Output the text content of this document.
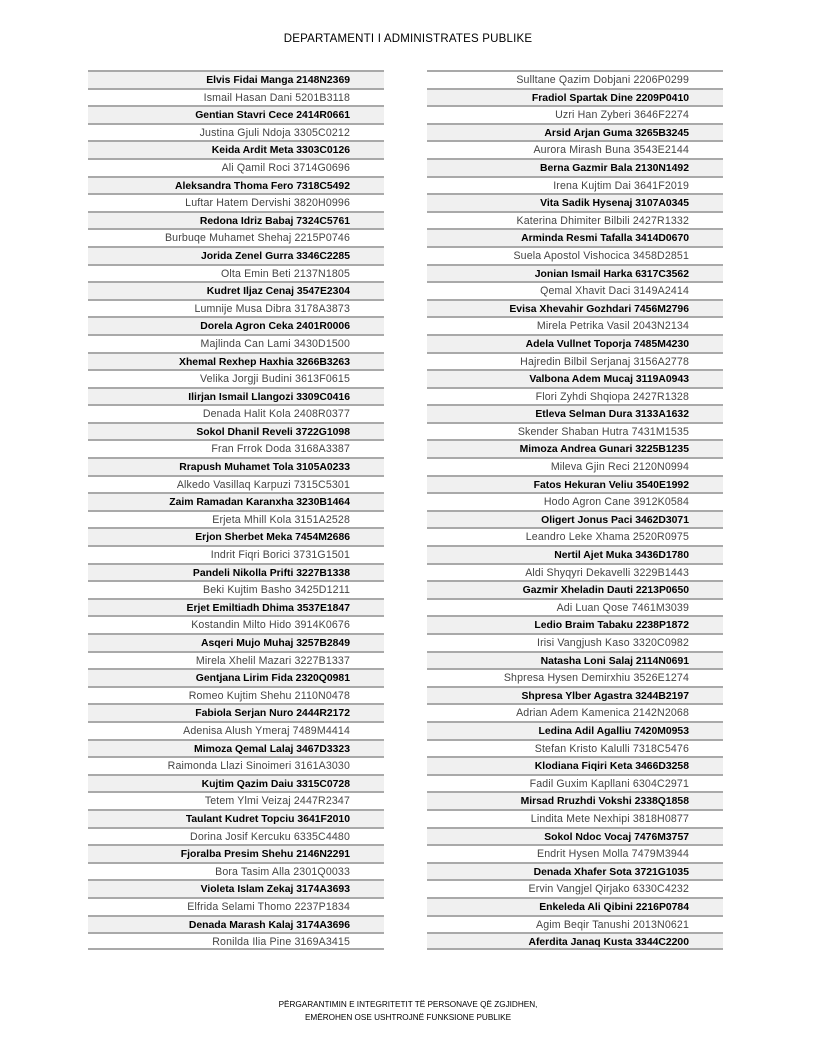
DEPARTAMENTI I ADMINISTRATES PUBLIKE
Elvis Fidai Manga 2148N2369
Ismail Hasan Dani 5201B3118
Gentian Stavri Cece 2414R0661
Justina Gjuli Ndoja 3305C0212
Keida Ardit Meta 3303C0126
Ali Qamil Roci 3714G0696
Aleksandra Thoma Fero 7318C5492
Luftar Hatem Dervishi 3820H0996
Redona Idriz Babaj 7324C5761
Burbuqe Muhamet Shehaj 2215P0746
Jorida Zenel Gurra 3346C2285
Olta Emin Beti 2137N1805
Kudret Iljaz Cenaj 3547E2304
Lumnije Musa Dibra 3178A3873
Dorela Agron Ceka 2401R0006
Majlinda Can Lami 3430D1500
Xhemal Rexhep Haxhia 3266B3263
Velika Jorgji Budini 3613F0615
Ilirjan Ismail Llangozi 3309C0416
Denada Halit Kola 2408R0377
Sokol Dhanil Reveli 3722G1098
Fran Frrok Doda 3168A3387
Rrapush Muhamet Tola 3105A0233
Alkedo Vasillaq Karpuzi 7315C5301
Zaim Ramadan Karanxha 3230B1464
Erjeta Mhill Kola 3151A2528
Erjon Sherbet Meka 7454M2686
Indrit Fiqri Borici 3731G1501
Pandeli Nikolla Prifti 3227B1338
Beki Kujtim Basho 3425D1211
Erjet Emiltiadh Dhima 3537E1847
Kostandin Milto Hido 3914K0676
Asqeri Mujo Muhaj 3257B2849
Mirela Xhelil Mazari 3227B1337
Gentjana Lirim Fida 2320Q0981
Romeo Kujtim Shehu 2110N0478
Fabiola Serjan Nuro 2444R2172
Adenisa Alush Ymeraj 7489M4414
Mimoza Qemal Lalaj 3467D3323
Raimonda Llazi Sinoimeri 3161A3030
Kujtim Qazim Daiu 3315C0728
Tetem Ylmi Veizaj 2447R2347
Taulant Kudret Topciu 3641F2010
Dorina Josif Kercuku 6335C4480
Fjoralba Presim Shehu 2146N2291
Bora Tasim Alla 2301Q0033
Violeta Islam Zekaj 3174A3693
Elfrida Selami Thomo 2237P1834
Denada Marash Kalaj 3174A3696
Ronilda Ilia Pine 3169A3415
Sulltane Qazim Dobjani 2206P0299
Fradiol Spartak Dine 2209P0410
Uzri Han Zyberi 3646F2274
Arsid Arjan Guma 3265B3245
Aurora Mirash Buna 3543E2144
Berna Gazmir Bala 2130N1492
Irena Kujtim Dai 3641F2019
Vita Sadik Hysenaj 3107A0345
Katerina Dhimiter Bilbili 2427R1332
Arminda Resmi Tafalla 3414D0670
Suela Apostol Vishocica 3458D2851
Jonian Ismail Harka 6317C3562
Qemal Xhavit Daci 3149A2414
Evisa Xhevahir Gozhdari 7456M2796
Mirela Petrika Vasil 2043N2134
Adela Vullnet Toporja 7485M4230
Hajredin Bilbil Serjanaj 3156A2778
Valbona Adem Mucaj 3119A0943
Flori Zyhdi Shqiopa 2427R1328
Etleva Selman Dura 3133A1632
Skender Shaban Hutra 7431M1535
Mimoza Andrea Gunari 3225B1235
Mileva Gjin Reci 2120N0994
Fatos Hekuran Veliu 3540E1992
Hodo Agron Cane 3912K0584
Oligert Jonus Paci 3462D3071
Leandro Leke Xhama 2520R0975
Nertil Ajet Muka 3436D1780
Aldi Shyqyri Dekavelli 3229B1443
Gazmir Xheladin Dauti 2213P0650
Adi Luan Qose 7461M3039
Ledio Braim Tabaku 2238P1872
Irisi Vangjush Kaso 3320C0982
Natasha Loni Salaj 2114N0691
Shpresa Hysen Demirxhiu 3526E1274
Shpresa Ylber Agastra 3244B2197
Adrian Adem Kamenica 2142N2068
Ledina Adil Agalliu 7420M0953
Stefan Kristo Kalulli 7318C5476
Klodiana Fiqiri Keta 3466D3258
Fadil Guxim Kapllani 6304C2971
Mirsad Rruzhdi Vokshi 2338Q1858
Lindita Mete Nexhipi 3818H0877
Sokol Ndoc Vocaj 7476M3757
Endrit Hysen Molla 7479M3944
Denada Xhafer Sota 3721G1035
Ervin Vangjel Qirjako 6330C4232
Enkeleda Ali Qibini 2216P0784
Agim Beqir Tanushi 2013N0621
Aferdita Janaq Kusta 3344C2200
PËRGARANTIMIN E INTEGRITETIT TË PERSONAVE QË ZGJIDHEN,
EMËROHEN OSE USHTROJNË FUNKSIONE PUBLIKE
